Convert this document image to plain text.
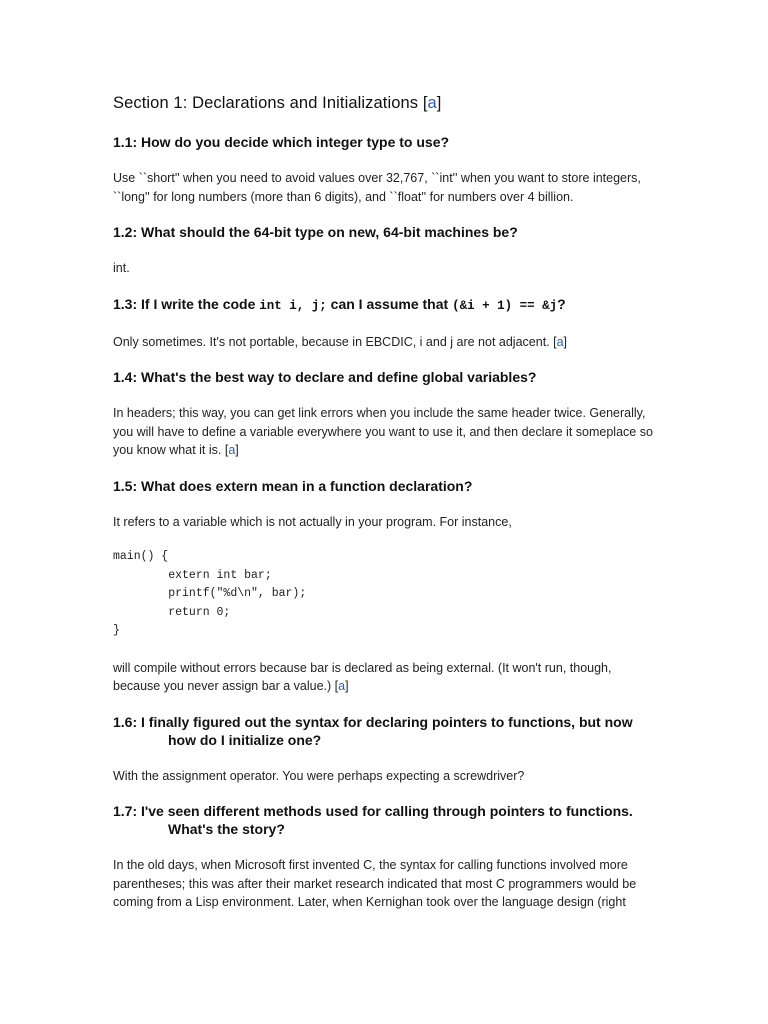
Section 1: Declarations and Initializations [a]
1.1: How do you decide which integer type to use?

Use ``short'' when you need to avoid values over 32,767, ``int'' when you want to store integers, ``long'' for long numbers (more than 6 digits), and ``float'' for numbers over 4 billion.

1.2: What should the 64-bit type on new, 64-bit machines be?

int.

1.3: If I write the code int i, j; can I assume that (&i + 1) == &j?

Only sometimes. It's not portable, because in EBCDIC, i and j are not adjacent. [a]

1.4: What's the best way to declare and define global variables?

In headers; this way, you can get link errors when you include the same header twice. Generally, you will have to define a variable everywhere you want to use it, and then declare it someplace so you know what it is. [a]

1.5: What does extern mean in a function declaration?

It refers to a variable which is not actually in your program. For instance,

main() {
extern int bar;
printf("%d\n", bar);
return 0;
}

will compile without errors because bar is declared as being external. (It won't run, though, because you never assign bar a value.) [a]

1.6: I finally figured out the syntax for declaring pointers to functions, but now how do I initialize one?

With the assignment operator. You were perhaps expecting a screwdriver?

1.7: I've seen different methods used for calling through pointers to functions. What's the story?

In the old days, when Microsoft first invented C, the syntax for calling functions involved more parentheses; this was after their market research indicated that most C programmers would be coming from a Lisp environment. Later, when Kernighan took over the language design (right
